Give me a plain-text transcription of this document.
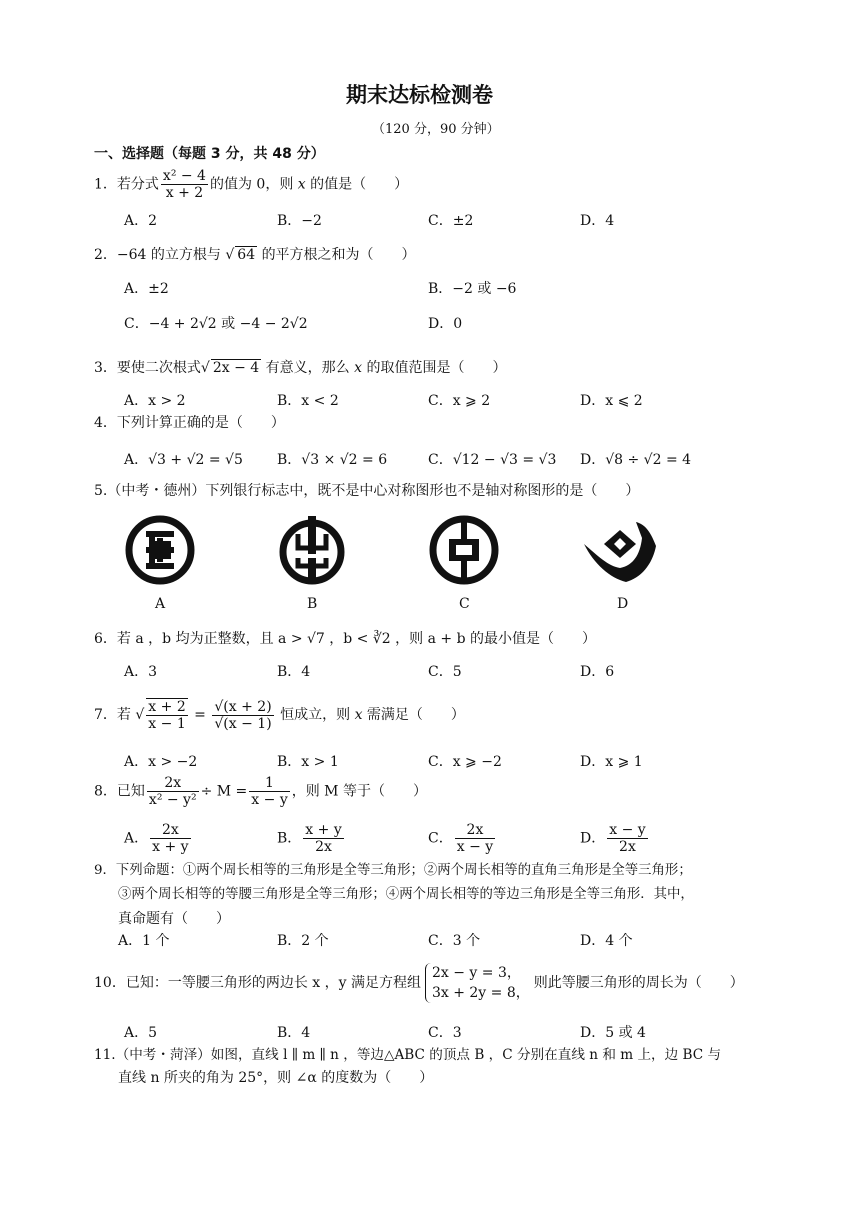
期末达标检测卷
（120 分，90 分钟）
一、选择题（每题 3 分，共 48 分）
1．若分式 $\frac{\text{x² − 4}}{x + 2}$ 的值为 0，则 x 的值是（　　）
A．2	B．−2	C．±2	D．4
2．−64 的立方根与 √ 64 的平方根之和为（　　）
A．±2	B．−2 或 −6
C．−4 + 2√2 或 −4 − 2√2	D．0
3．要使二次根式√ 2x − 4 有意义，那么 x 的取值范围是（　　）
A．x > 2	B．x < 2	C．x ⩾ 2	D．x ⩽ 2
4．下列计算正确的是（　　）
A．√3 + √2 = √5 B．√3 × √2 = 6	C．√12 − √3 = √3 D．√8 ÷ √2 = 4
5.（中考・德州）下列银行标志中，既不是中心对称图形也不是轴对称图形的是（　　）
A	B	C	D
6．若 a ，b 均为正整数，且 a > √7 ，b < ∛2 ，则 a + b 的最小值是（　　）
A．3	B．4	C．5	D．6
7．若 √ $\frac{x + 2}{x - 1} = \frac{√(x + 2)}{√(x - 1)}$ 恒成立，则 x 需满足（　　）
A．x > −2	B．x > 1	C．x ⩾ −2	D．x ⩾ 1
8．已知 $\frac{2x}{\text{x² − y²}} \div M = \frac{1}{x - y}$ ，则 M 等于（　　）
A． $\frac{2x}{x + y}$	B． $\frac{x + y}{2x}$	C． $\frac{2x}{x - y}$	D． $\frac{x - y}{2x}$
9．下列命题：①两个周长相等的三角形是全等三角形；②两个周长相等的直角三角形是全等三角形；
③两个周长相等的等腰三角形是全等三角形；④两个周长相等的等边三角形是全等三角形．其中，
真命题有（　　）
A．1 个	B．2 个	C．3 个	D．4 个
10．已知：一等腰三角形的两边长 x ，y 满足方程组
2x − y = 3，
3x + 2y = 8，
则此等腰三角形的周长为（　　）
A．5	B．4	C．3	D．5 或 4
11.（中考・菏泽）如图，直线 l ∥ m ∥ n ，等边△ABC 的顶点 B ，C 分别在直线 n 和 m 上，边 BC 与
直线 n 所夹的角为 25°，则 ∠α 的度数为（　　）
